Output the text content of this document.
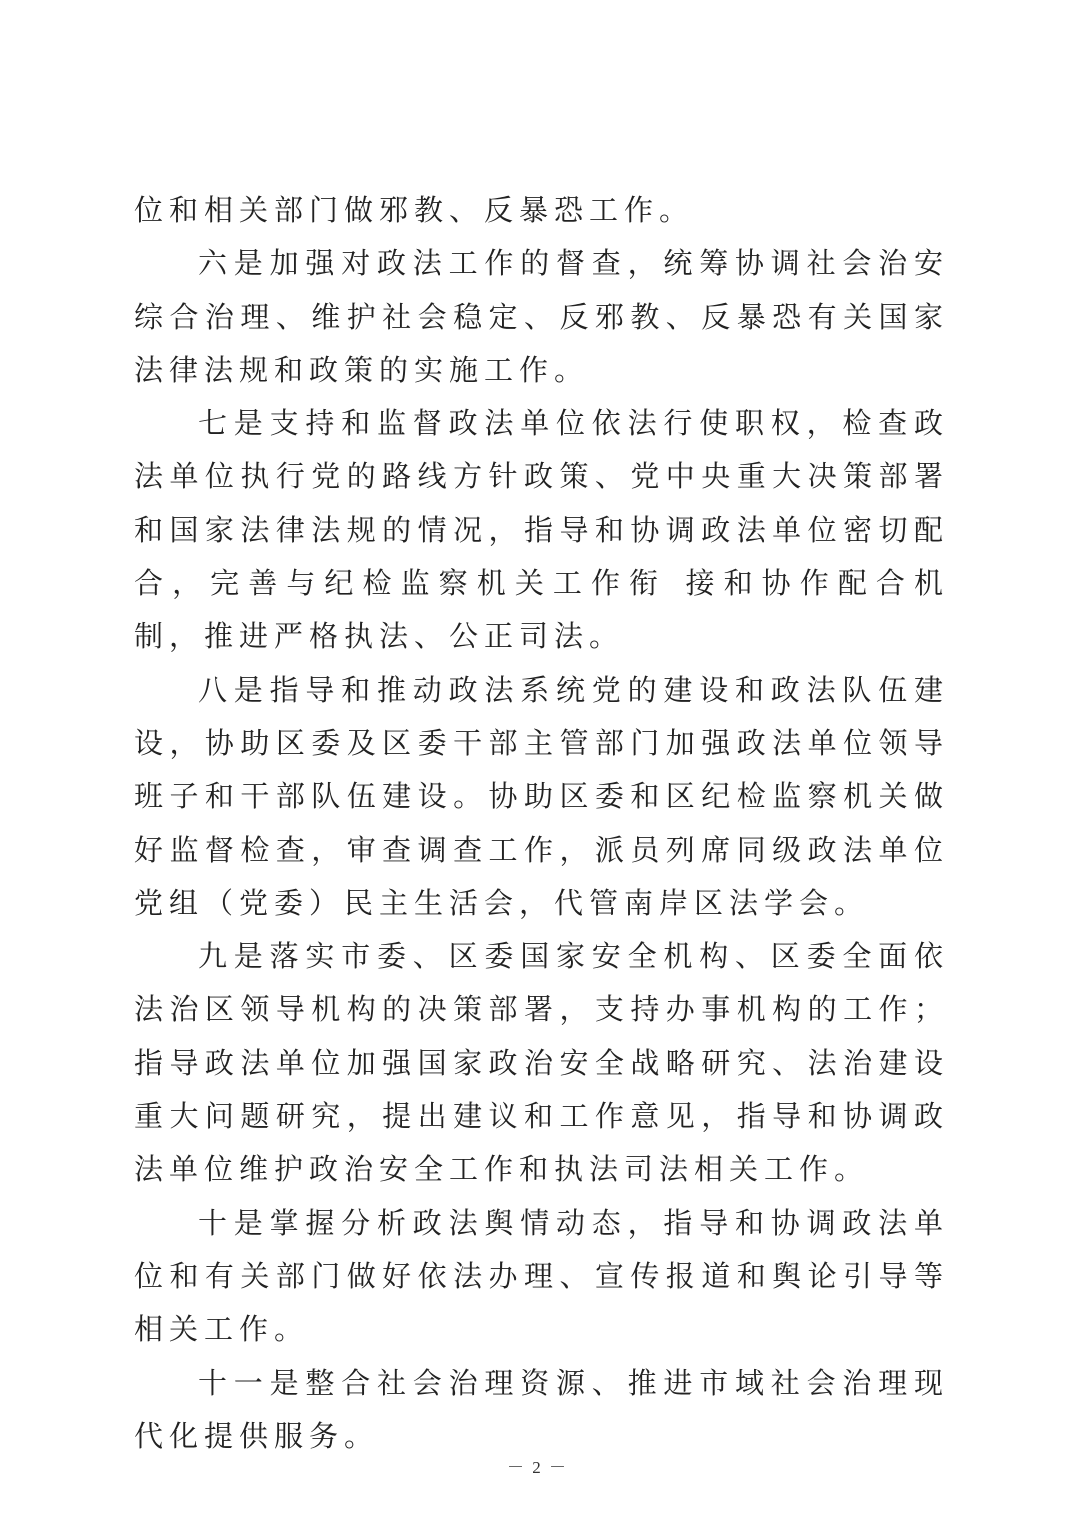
位和相关部门做邪教、反暴恐工作。

六是加强对政法工作的督查，统筹协调社会治安综合治理、维护社会稳定、反邪教、反暴恐有关国家法律法规和政策的实施工作。

七是支持和监督政法单位依法行使职权，检查政法单位执行党的路线方针政策、党中央重大决策部署和国家法律法规的情况，指导和协调政法单位密切配合，完善与纪检监察机关工作衔 接和协作配合机制，推进严格执法、公正司法。

八是指导和推动政法系统党的建设和政法队伍建设，协助区委及区委干部主管部门加强政法单位领导班子和干部队伍建设。协助区委和区纪检监察机关做好监督检查，审查调查工作，派员列席同级政法单位党组（党委）民主生活会，代管南岸区法学会。

九是落实市委、区委国家安全机构、区委全面依法治区领导机构的决策部署，支持办事机构的工作；指导政法单位加强国家政治安全战略研究、法治建设重大问题研究，提出建议和工作意见，指导和协调政法单位维护政治安全工作和执法司法相关工作。

十是掌握分析政法舆情动态，指导和协调政法单位和有关部门做好依法办理、宣传报道和舆论引导等相关工作。

十一是整合社会治理资源、推进市域社会治理现代化提供服务。

－ 2 －
